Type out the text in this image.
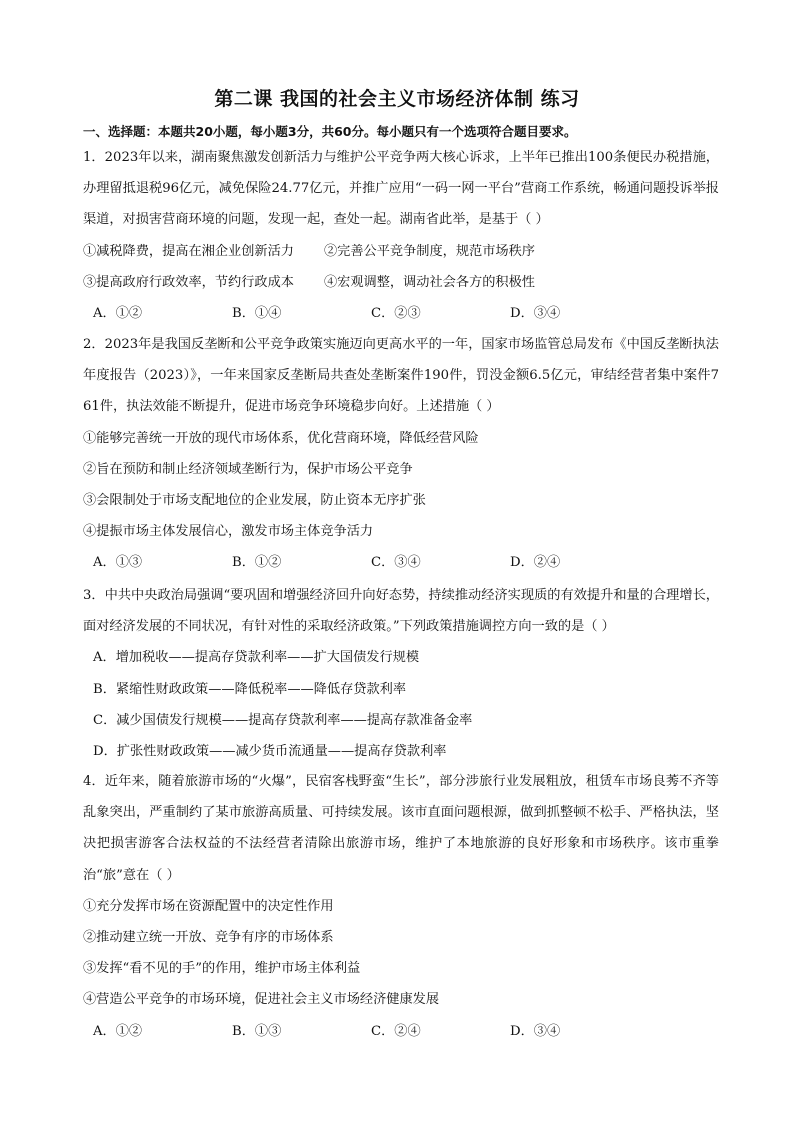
第二课 我国的社会主义市场经济体制 练习
一、选择题：本题共20小题，每小题3分，共60分。每小题只有一个选项符合题目要求。
1．2023年以来，湖南聚焦激发创新活力与维护公平竞争两大核心诉求，上半年已推出100条便民办税措施，办理留抵退税96亿元，减免保险24.77亿元，并推广应用“一码一网一平台”营商工作系统，畅通问题投诉举报渠道，对损害营商环境的问题，发现一起，查处一起。湖南省此举，是基于（ ）
①减税降费，提高在湘企业创新活力 ②完善公平竞争制度，规范市场秩序
③提高政府行政效率，节约行政成本 ④宏观调整，调动社会各方的积极性
A．①②	B．①④	C．②③	D．③④
2．2023年是我国反垄断和公平竞争政策实施迈向更高水平的一年，国家市场监管总局发布《中国反垄断执法年度报告（2023）》，一年来国家反垄断局共查处垄断案件190件，罚没金额6.5亿元，审结经营者集中案件761件，执法效能不断提升，促进市场竞争环境稳步向好。上述措施（ ）
①能够完善统一开放的现代市场体系，优化营商环境，降低经营风险
②旨在预防和制止经济领域垄断行为，保护市场公平竞争
③会限制处于市场支配地位的企业发展，防止资本无序扩张
④提振市场主体发展信心，激发市场主体竞争活力
A．①③	B．①②	C．③④	D．②④
3．中共中央政治局强调“要巩固和增强经济回升向好态势，持续推动经济实现质的有效提升和量的合理增长，面对经济发展的不同状况，有针对性的采取经济政策。”下列政策措施调控方向一致的是（ ）
A．增加税收——提高存贷款利率——扩大国债发行规模
B．紧缩性财政政策——降低税率——降低存贷款利率
C．减少国债发行规模——提高存贷款利率——提高存款准备金率
D．扩张性财政政策——减少货币流通量——提高存贷款利率
4．近年来，随着旅游市场的“火爆”，民宿客栈野蛮“生长”，部分涉旅行业发展粗放，租赁车市场良莠不齐等乱象突出，严重制约了某市旅游高质量、可持续发展。该市直面问题根源，做到抓整顿不松手、严格执法，坚决把损害游客合法权益的不法经营者清除出旅游市场，维护了本地旅游的良好形象和市场秩序。该市重拳治“旅”意在（ ）
①充分发挥市场在资源配置中的决定性作用
②推动建立统一开放、竞争有序的市场体系
③发挥“看不见的手”的作用，维护市场主体利益
④营造公平竞争的市场环境，促进社会主义市场经济健康发展
A．①②	B．①③	C．②④	D．③④
